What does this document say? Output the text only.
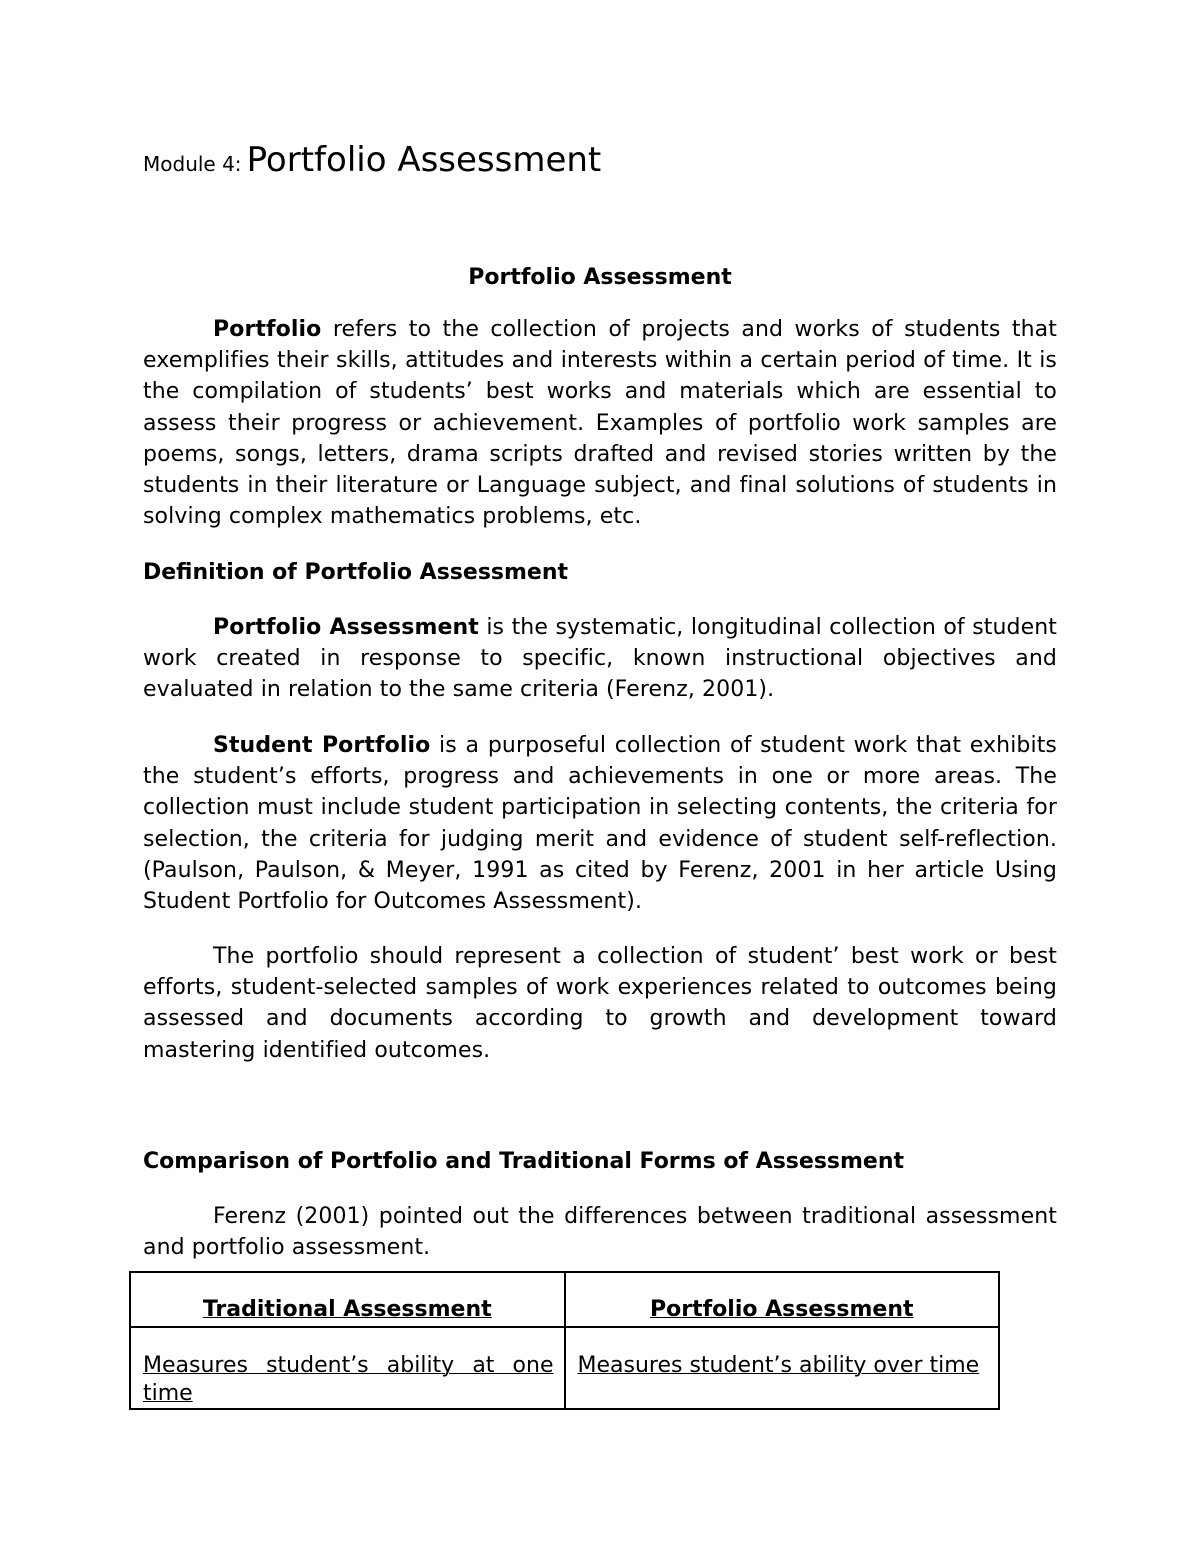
Module 4: Portfolio Assessment
Portfolio Assessment
Portfolio refers to the collection of projects and works of students that exemplifies their skills, attitudes and interests within a certain period of time. It is the compilation of students’ best works and materials which are essential to assess their progress or achievement. Examples of portfolio work samples are poems, songs, letters, drama scripts drafted and revised stories written by the students in their literature or Language subject, and final solutions of students in solving complex mathematics problems, etc.
Definition of Portfolio Assessment
Portfolio Assessment is the systematic, longitudinal collection of student work created in response to specific, known instructional objectives and evaluated in relation to the same criteria (Ferenz, 2001).
Student Portfolio is a purposeful collection of student work that exhibits the student’s efforts, progress and achievements in one or more areas. The collection must include student participation in selecting contents, the criteria for selection, the criteria for judging merit and evidence of student self-reflection. (Paulson, Paulson, & Meyer, 1991 as cited by Ferenz, 2001 in her article Using Student Portfolio for Outcomes Assessment).
The portfolio should represent a collection of student’ best work or best efforts, student-selected samples of work experiences related to outcomes being assessed and documents according to growth and development toward mastering identified outcomes.
Comparison of Portfolio and Traditional Forms of Assessment
Ferenz (2001) pointed out the differences between traditional assessment and portfolio assessment.
Traditional Assessment	Portfolio Assessment
Measures student’s ability at one time	Measures student’s ability over time
